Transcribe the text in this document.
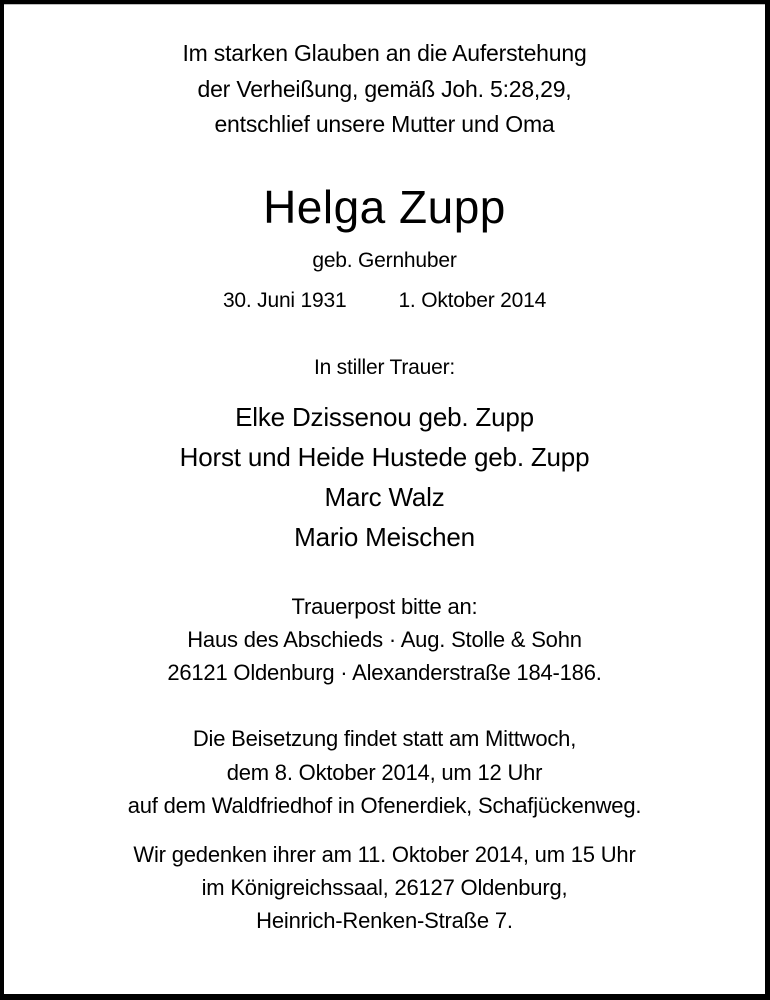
Im starken Glauben an die Auferstehung
der Verheißung, gemäß Joh. 5:28,29,
entschlief unsere Mutter und Oma
Helga Zupp
geb. Gernhuber
30. Juni 1931 1. Oktober 2014
In stiller Trauer:
Elke Dzissenou geb. Zupp
Horst und Heide Hustede geb. Zupp
Marc Walz
Mario Meischen
Trauerpost bitte an:
Haus des Abschieds · Aug. Stolle & Sohn
26121 Oldenburg · Alexanderstraße 184-186.
Die Beisetzung findet statt am Mittwoch,
dem 8. Oktober 2014, um 12 Uhr
auf dem Waldfriedhof in Ofenerdiek, Schafjückenweg.
Wir gedenken ihrer am 11. Oktober 2014, um 15 Uhr
im Königreichssaal, 26127 Oldenburg,
Heinrich-Renken-Straße 7.
